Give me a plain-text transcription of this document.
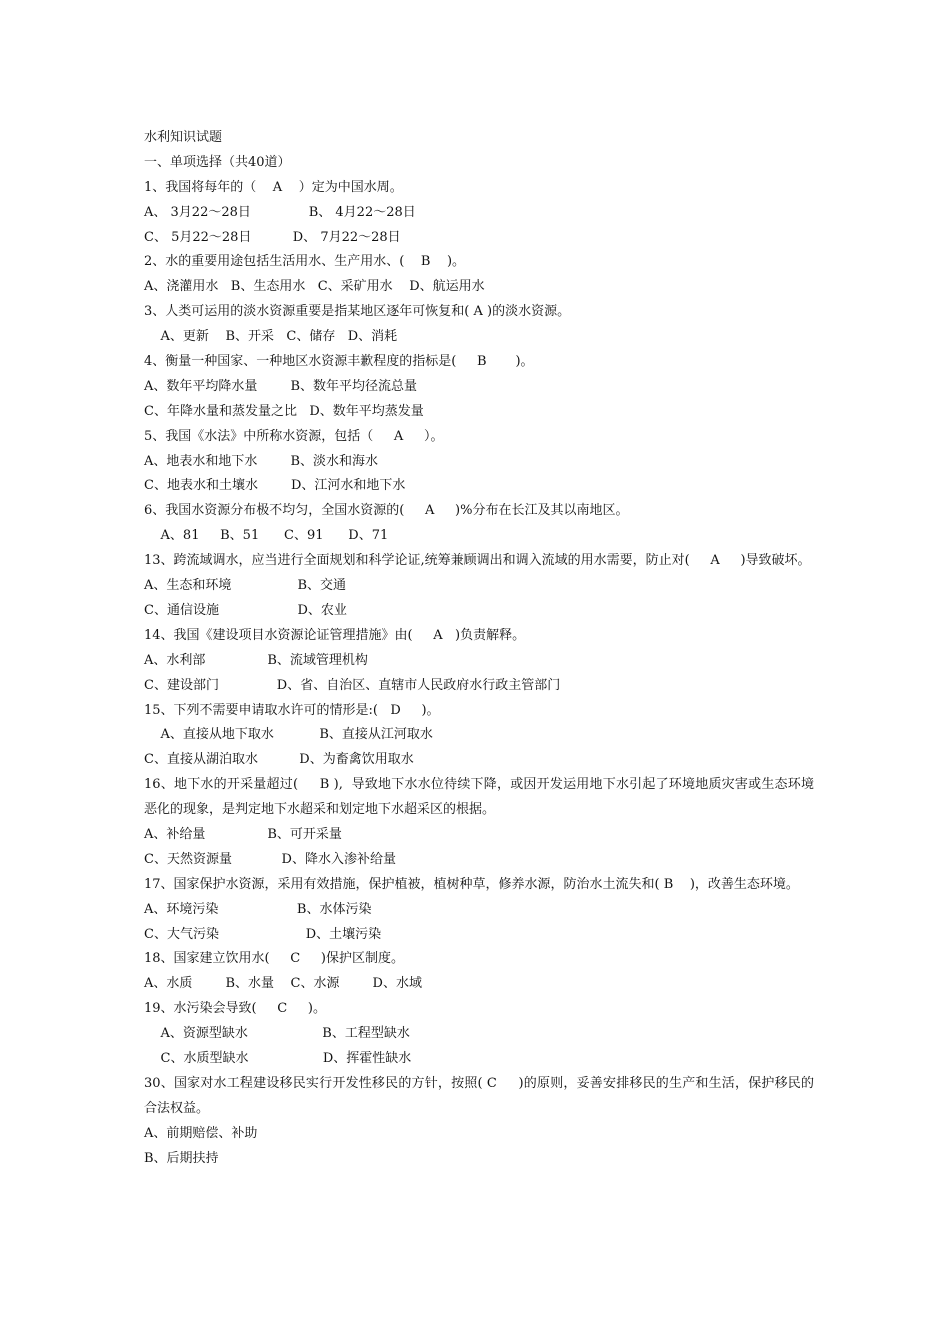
水利知识试题
一、单项选择（共40道）
1、我国将每年的（    A    ）定为中国水周。
A、 3月22～28日              B、 4月22～28日
C、 5月22～28日          D、 7月22～28日
2、水的重要用途包括生活用水、生产用水、(    B    )。
A、浇灌用水   B、生态用水   C、采矿用水    D、航运用水
3、人类可运用的淡水资源重要是指某地区逐年可恢复和( A )的淡水资源。
A、更新    B、开采   C、储存   D、消耗
4、衡量一种国家、一种地区水资源丰歉程度的指标是(     B       )。
A、数年平均降水量        B、数年平均径流总量
C、年降水量和蒸发量之比   D、数年平均蒸发量
5、我国《水法》中所称水资源，包括（     A     ）。
A、地表水和地下水        B、淡水和海水
C、地表水和土壤水        D、江河水和地下水
6、我国水资源分布极不均匀，全国水资源的(     A     )%分布在长江及其以南地区。
A、81     B、51      C、91      D、71
13、跨流域调水，应当进行全面规划和科学论证,统筹兼顾调出和调入流域的用水需要，防止对(     A     )导致破坏。
A、生态和环境                B、交通
C、通信设施                   D、农业
14、我国《建设项目水资源论证管理措施》由(     A   )负责解释。
A、水利部               B、流域管理机构
C、建设部门              D、省、自治区、直辖市人民政府水行政主管部门
15、下列不需要申请取水许可的情形是:(   D     )。
A、直接从地下取水           B、直接从江河取水
C、直接从湖泊取水          D、为畜禽饮用取水
16、地下水的开采量超过(     B ),  导致地下水水位待续下降，或因开发运用地下水引起了环境地质灾害或生态环境恶化的现象，是判定地下水超采和划定地下水超采区的根据。
A、补给量               B、可开采量
C、天然资源量            D、降水入渗补给量
17、国家保护水资源，采用有效措施，保护植被，植树种草，修养水源，防治水土流失和( B    )，改善生态环境。
A、环境污染                   B、水体污染
C、大气污染                     D、土壤污染
18、国家建立饮用水(     C     )保护区制度。
A、水质        B、水量    C、水源        D、水域
19、水污染会导致(     C     )。
A、资源型缺水                  B、工程型缺水
C、水质型缺水                  D、挥霍性缺水
30、国家对水工程建设移民实行开发性移民的方针，按照( C     )的原则，妥善安排移民的生产和生活，保护移民的合法权益。
A、前期赔偿、补助
B、后期扶持
